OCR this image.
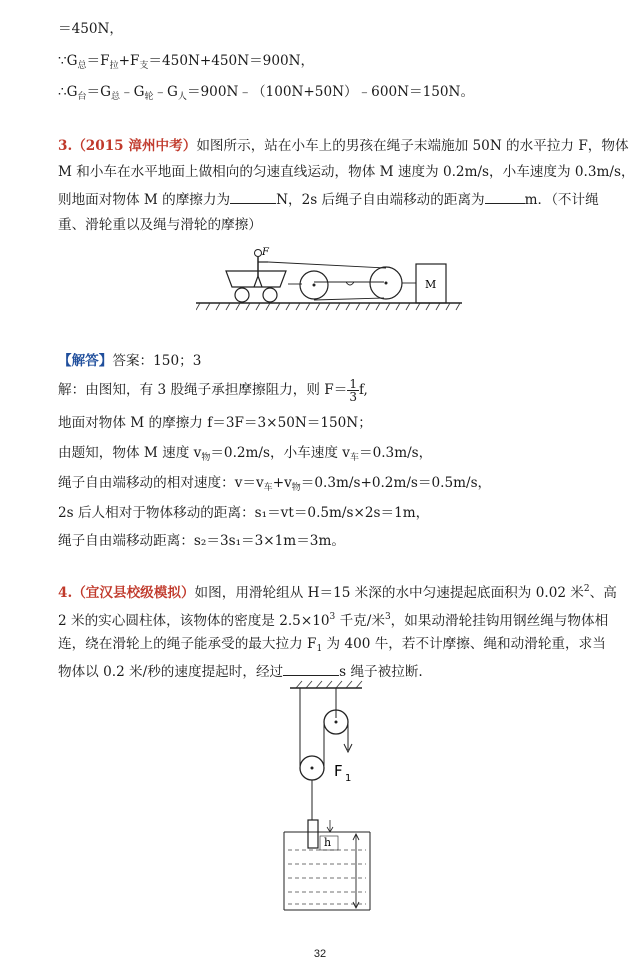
＝450N，
$\because G_总=F_拉+F_支=450N+450N=900N$，
$\therefore G_台=G_总﹣G_轮﹣G_人=900N﹣(100N+50N)﹣600N=150N$。
3.（2015 漳州中考）如图所示，站在小车上的男孩在绳子末端施加 50N 的水平拉力 F，物体
M 和小车在水平地面上做相向的匀速直线运动，物体 M 速度为 0.2m/s，小车速度为 0.3m/s，
则地面对物体 M 的摩擦力为	N，2s 后绳子自由端移动的距离为	m．（不计绳
重、滑轮重以及绳与滑轮的摩擦）
F
M
【解答】答案：150；3
解：由图知，有 3 股绳子承担摩擦阻力，则 $F= \frac{1}{3} f$,
地面对物体 M 的摩擦力 f＝3F＝3×50N＝150N；
由题知，物体 M 速度 $v_物=0.2m/s$，小车速度 $v_车=0.3m/s$，
绳子自由端移动的相对速度：$v=v_车+v_物=0.3m/s+0.2m/s=0.5m/s$，
2s 后人相对于物体移动的距离：s₁＝vt＝0.5m/s×2s＝1m，
绳子自由端移动距离：s₂＝3s₁＝3×1m＝3m。
4.（宜汉县校级模拟）如图，用滑轮组从 H＝15 米深的水中匀速提起底面积为 0.02 米$^2$、高
2 米的实心圆柱体，该物体的密度是 $2.5\times 10^3$ 千克/米$^3$，如果动滑轮挂钩用钢丝绳与物体相
连，绕在滑轮上的绳子能承受的最大拉力 $F_1$ 为 400 牛，若不计摩擦、绳和动滑轮重，求当
物体以 0.2 米/秒的速度提起时，经过	s 绳子被拉断.
F 1
h
32
